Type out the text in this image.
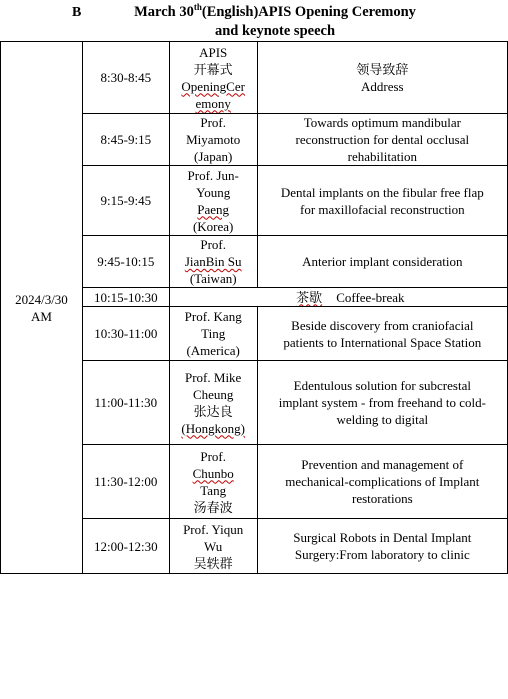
B	March 30th(English)APIS Opening Ceremony
and keynote speech
2024/3/30
AM	8:30-8:45	APIS
开幕式
OpeningCer
emony	领导致辞
Address
	8:45-9:15	Prof.
Miyamoto
(Japan)	Towards optimum mandibular
reconstruction for dental occlusal
rehabilitation
	9:15-9:45	Prof. Jun-
Young
Paeng
(Korea)	Dental implants on the fibular free flap
for maxillofacial reconstruction
	9:45-10:15	Prof.
JianBin Su
(Taiwan)	Anterior implant consideration
	10:15-10:30	茶歇 Coffee-break	
	10:30-11:00	Prof. Kang
Ting
(America)	Beside discovery from craniofacial
patients to International Space Station
	11:00-11:30	Prof. Mike
Cheung
张达良
(Hongkong)	Edentulous solution for subcrestal
implant system - from freehand to cold-
welding to digital
	11:30-12:00	Prof.
Chunbo
Tang
汤春波	Prevention and management of
mechanical-complications of Implant
restorations
	12:00-12:30	Prof. Yiqun
Wu
吴轶群	Surgical Robots in Dental Implant
Surgery:From laboratory to clinic
